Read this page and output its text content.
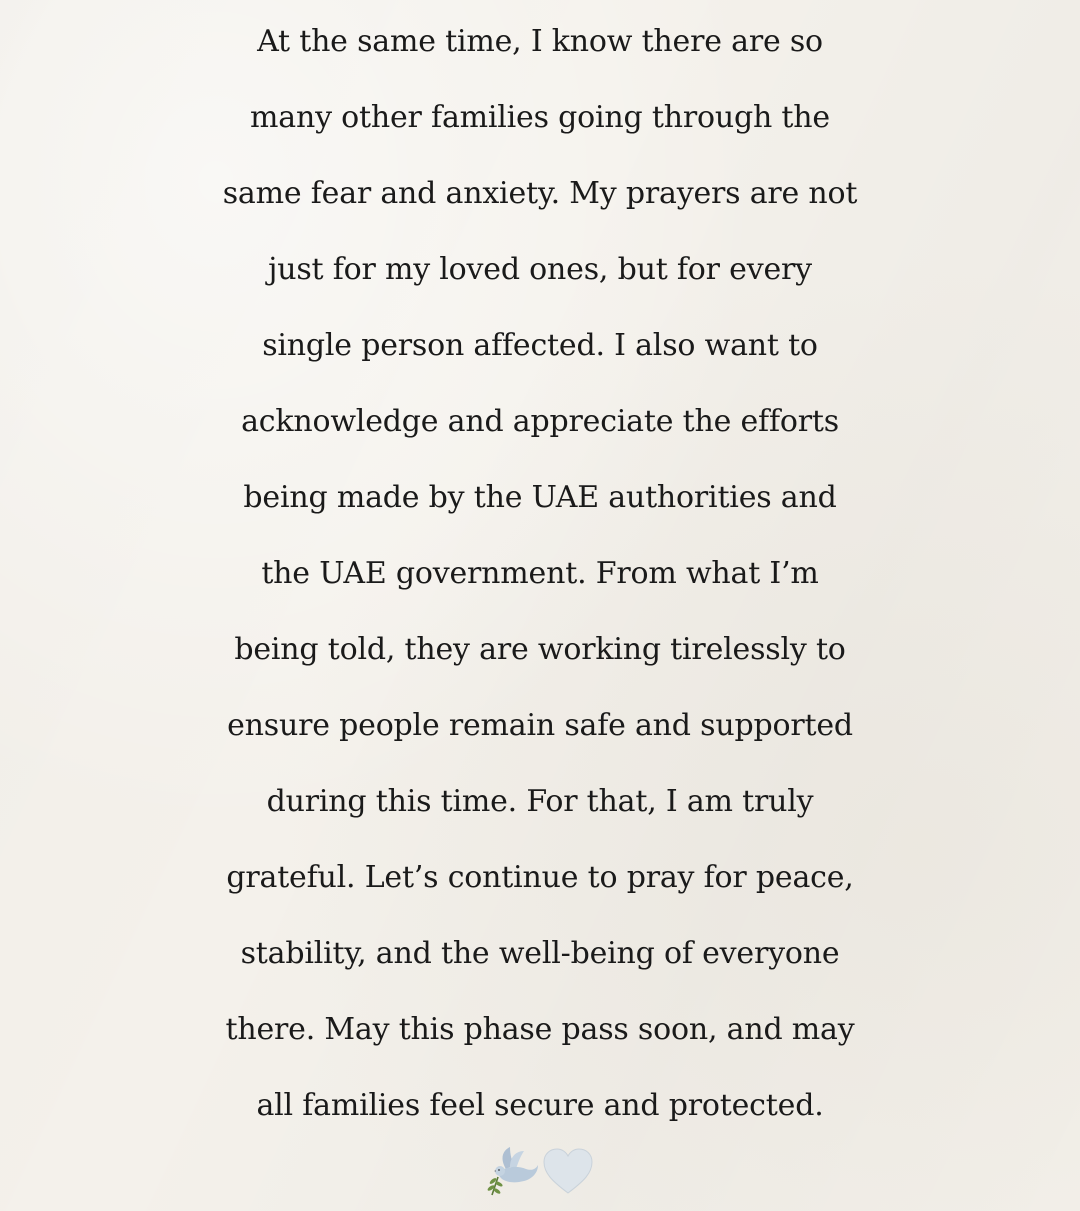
At the same time, I know there are so
many other families going through the
same fear and anxiety. My prayers are not
just for my loved ones, but for every
single person affected. I also want to
acknowledge and appreciate the efforts
being made by the UAE authorities and
the UAE government. From what I’m
being told, they are working tirelessly to
ensure people remain safe and supported
during this time. For that, I am truly
grateful. Let’s continue to pray for peace,
stability, and the well-being of everyone
there. May this phase pass soon, and may
all families feel secure and protected.
